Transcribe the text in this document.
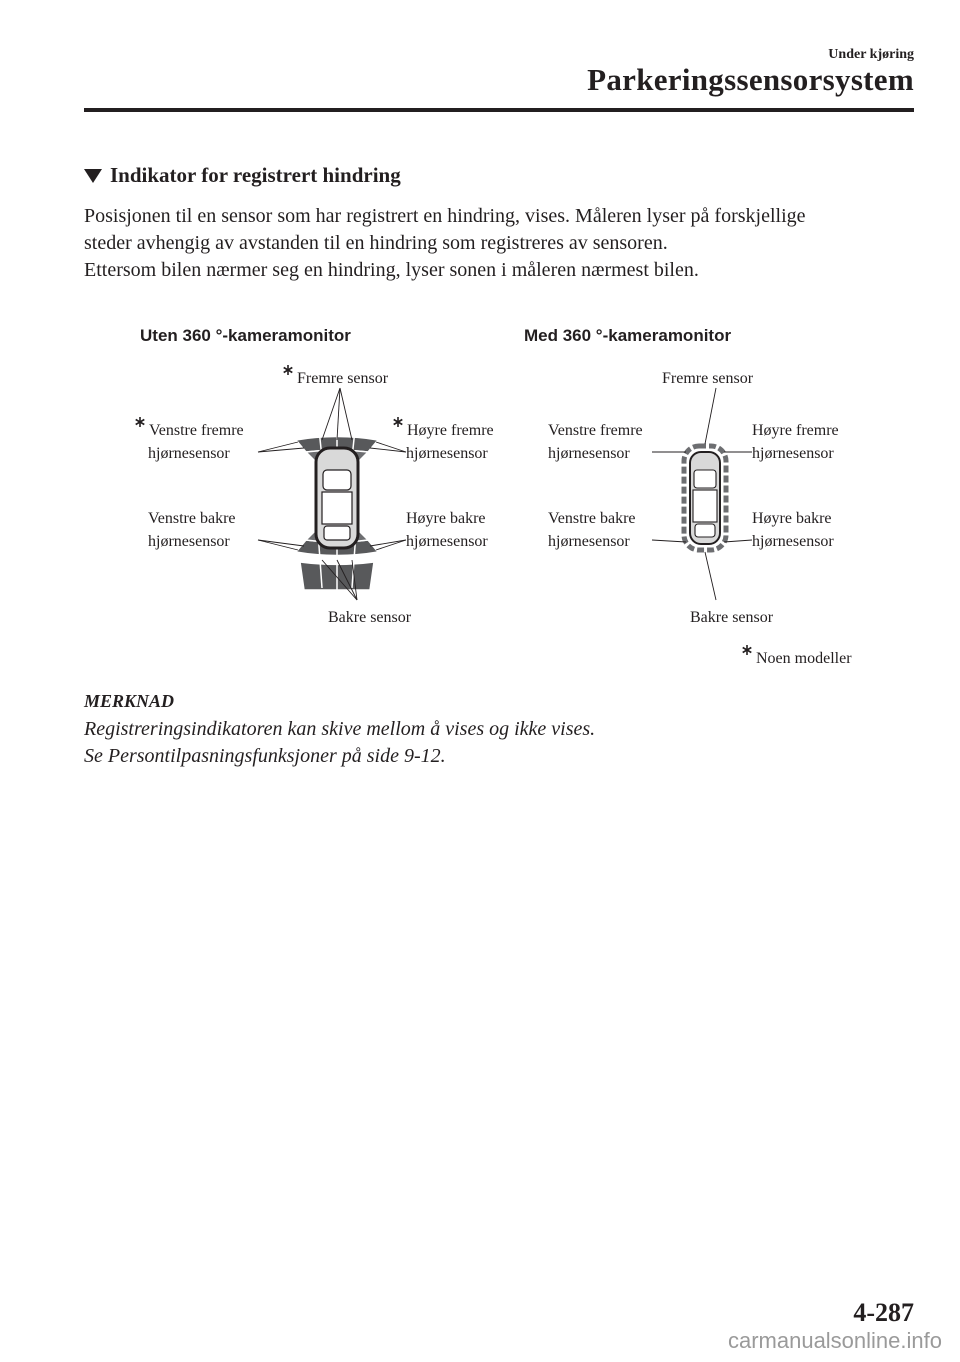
Under kjøring
Parkeringssensorsystem
Indikator for registrert hindring
Posisjonen til en sensor som har registrert en hindring, vises. Måleren lyser på forskjellige
steder avhengig av avstanden til en hindring som registreres av sensoren.
Ettersom bilen nærmer seg en hindring, lyser sonen i måleren nærmest bilen.
Uten 360 °-kameramonitor
Fremre sensor
Venstre fremre
hjørnesensor
Høyre fremre
hjørnesensor
Venstre bakre
hjørnesensor
Høyre bakre
hjørnesensor
Bakre sensor
Med 360 °-kameramonitor
Fremre sensor
Venstre fremre
hjørnesensor
Høyre fremre
hjørnesensor
Venstre bakre
hjørnesensor
Høyre bakre
hjørnesensor
Bakre sensor
Noen modeller
MERKNAD
Registreringsindikatoren kan skive mellom å vises og ikke vises.
Se Persontilpasningsfunksjoner på side 9-12.
4-287
carmanualsonline.info
